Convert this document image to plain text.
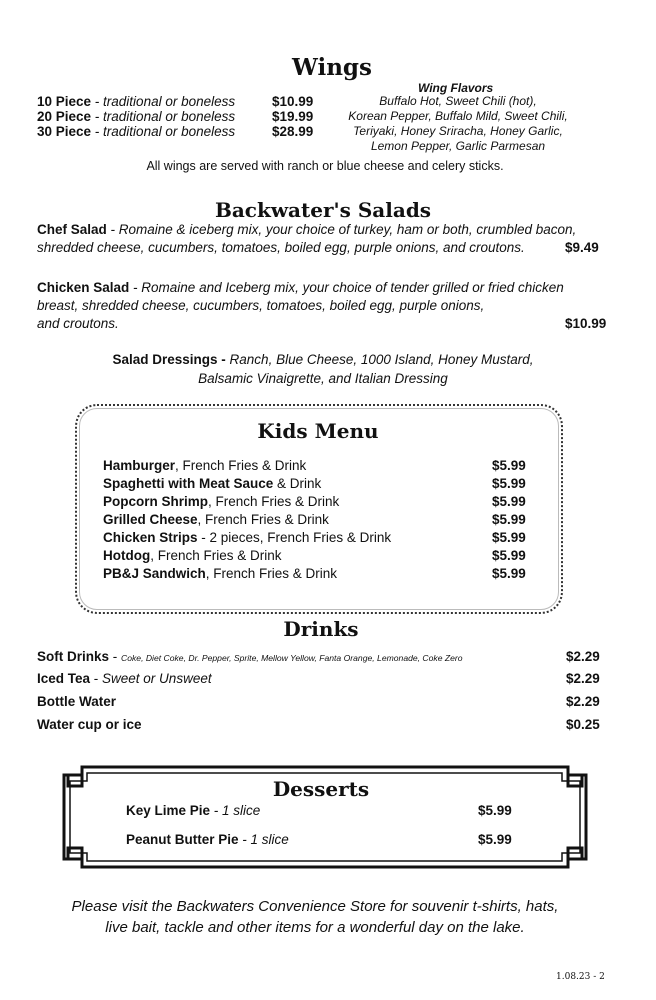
Wings
Wing Flavors
Buffalo Hot, Sweet Chili (hot),
Korean Pepper, Buffalo Mild, Sweet Chili,
Teriyaki, Honey Sriracha, Honey Garlic,
Lemon Pepper, Garlic Parmesan
10 Piece - traditional or boneless	$10.99
20 Piece - traditional or boneless	$19.99
30 Piece - traditional or boneless	$28.99
All wings are served with ranch or blue cheese and celery sticks.
Backwater's Salads
Chef Salad - Romaine & iceberg mix, your choice of turkey, ham or both, crumbled bacon,
shredded cheese, cucumbers, tomatoes, boiled egg, purple onions, and croutons.	$9.49
Chicken Salad - Romaine and Iceberg mix, your choice of tender grilled or fried chicken
breast, shredded cheese, cucumbers, tomatoes, boiled egg, purple onions,
and croutons.	$10.99
Salad Dressings - Ranch, Blue Cheese, 1000 Island, Honey Mustard,
Balsamic Vinaigrette, and Italian Dressing
Kids Menu
Hamburger, French Fries & Drink	$5.99
Spaghetti with Meat Sauce & Drink	$5.99
Popcorn Shrimp, French Fries & Drink	$5.99
Grilled Cheese, French Fries & Drink	$5.99
Chicken Strips - 2 pieces, French Fries & Drink	$5.99
Hotdog, French Fries & Drink	$5.99
PB&J Sandwich, French Fries & Drink	$5.99
Drinks
Soft Drinks - Coke, Diet Coke, Dr. Pepper, Sprite, Mellow Yellow, Fanta Orange, Lemonade, Coke Zero	$2.29
Iced Tea - Sweet or Unsweet	$2.29
Bottle Water	$2.29
Water cup or ice	$0.25
Desserts
Key Lime Pie - 1 slice	$5.99
Peanut Butter Pie - 1 slice	$5.99
Please visit the Backwaters Convenience Store for souvenir t-shirts, hats,
live bait, tackle and other items for a wonderful day on the lake.
1.08.23 - 2
